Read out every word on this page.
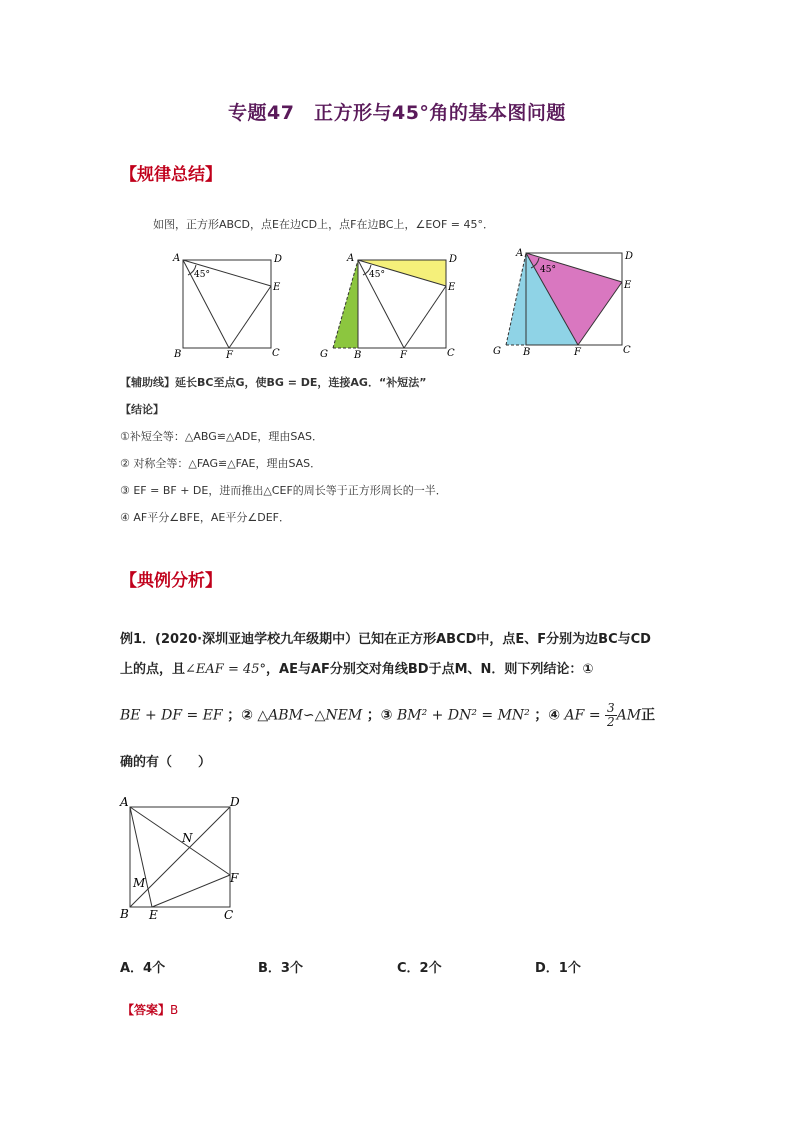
专题47　正方形与45°角的基本图问题
【规律总结】
如图，正方形ABCD，点E在边CD上，点F在边BC上，∠EOF = 45°．
A	D
E
B	F	C
45°
A	D
E
G	B	F	C
45°
A	D
E
G B	F	C
45°
【辅助线】延长BC至点G，使BG = DE，连接AG．“补短法”
【结论】
①补短全等：△ABG≌△ADE，理由SAS．
② 对称全等：△FAG≌△FAE，理由SAS．
③ EF = BF + DE，进而推出△CEF的周长等于正方形周长的一半．
④ AF平分∠BFE，AE平分∠DEF．
【典例分析】
例1．(2020·深圳亚迪学校九年级期中）已知在正方形ABCD中，点E、F分别为边BC与CD
上的点，且∠EAF = 45°，AE与AF分别交对角线BD于点M、N．则下列结论：①
BE + DF = EF ；② △ABM∽△NEM ；③ BM² + DN² = MN² ；④ AF = $\frac{3}{2}$ AM正
确的有（　　）
A	D
B E	C
F
M
N
A．4个	B．3个	C．2个	D．1个
【答案】B
